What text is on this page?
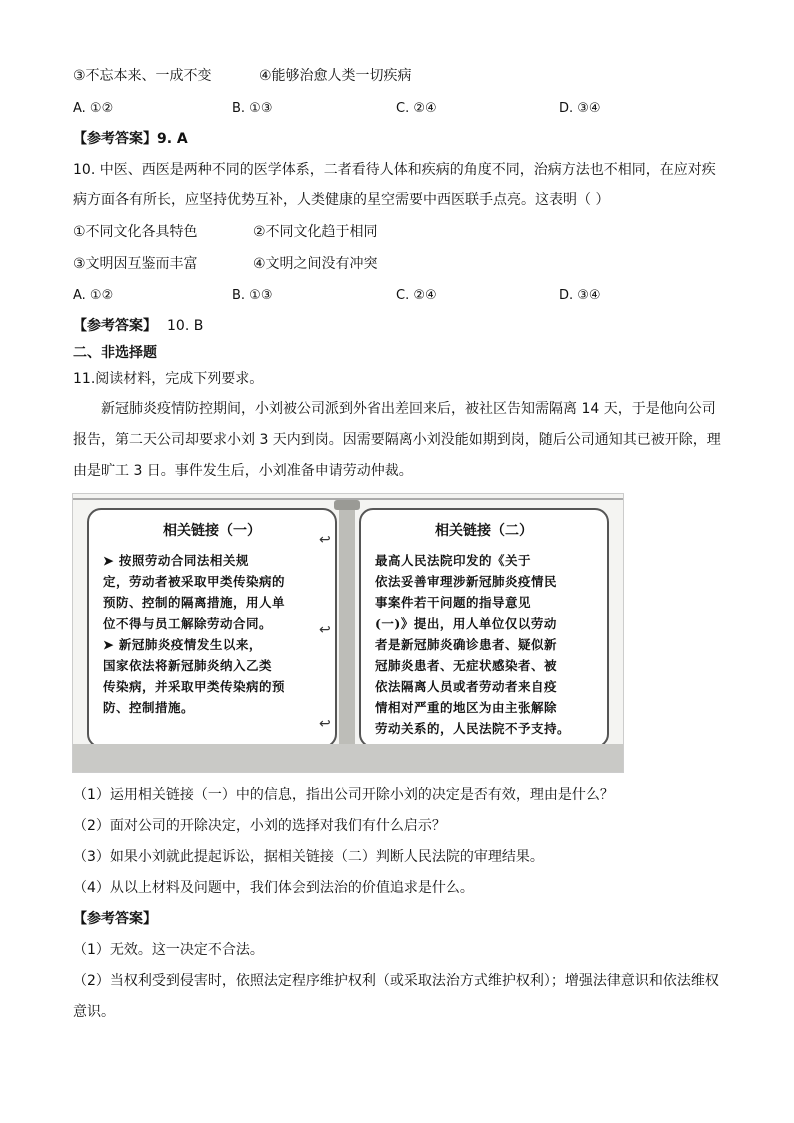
③不忘本来、一成不变	④能够治愈人类一切疾病
A. ①②	B. ①③	C. ②④	D. ③④
【参考答案】9. A
10. 中医、西医是两种不同的医学体系，二者看待人体和疾病的角度不同，治病方法也不相同，在应对疾
病方面各有所长，应坚持优势互补，人类健康的星空需要中西医联手点亮。这表明（ ）
①不同文化各具特色	②不同文化趋于相同
③文明因互鉴而丰富	④文明之间没有冲突
A. ①②	B. ①③	C. ②④	D. ③④
【参考答案】 10. B
二、非选择题
11.阅读材料，完成下列要求。
新冠肺炎疫情防控期间，小刘被公司派到外省出差回来后，被社区告知需隔离 14 天，于是他向公司
报告，第二天公司却要求小刘 3 天内到岗。因需要隔离小刘没能如期到岗，随后公司通知其已被开除，理
由是旷工 3 日。事件发生后，小刘准备申请劳动仲裁。
相关链接（一）
➤ 按照劳动合同法相关规
定，劳动者被采取甲类传染病的
预防、控制的隔离措施，用人单
位不得与员工解除劳动合同。
➤ 新冠肺炎疫情发生以来，
国家依法将新冠肺炎纳入乙类
传染病，并采取甲类传染病的预
防、控制措施。
↩
↩
↩
相关链接（二）
最高人民法院印发的《关于
依法妥善审理涉新冠肺炎疫情民
事案件若干问题的指导意见
(一)》提出，用人单位仅以劳动
者是新冠肺炎确诊患者、疑似新
冠肺炎患者、无症状感染者、被
依法隔离人员或者劳动者来自疫
情相对严重的地区为由主张解除
劳动关系的，人民法院不予支持。
（1）运用相关链接（一）中的信息，指出公司开除小刘的决定是否有效，理由是什么？
（2）面对公司的开除决定，小刘的选择对我们有什么启示？
（3）如果小刘就此提起诉讼，据相关链接（二）判断人民法院的审理结果。
（4）从以上材料及问题中，我们体会到法治的价值追求是什么。
【参考答案】
（1）无效。这一决定不合法。
（2）当权利受到侵害时，依照法定程序维护权利（或采取法治方式维护权利）；增强法律意识和依法维权
意识。
